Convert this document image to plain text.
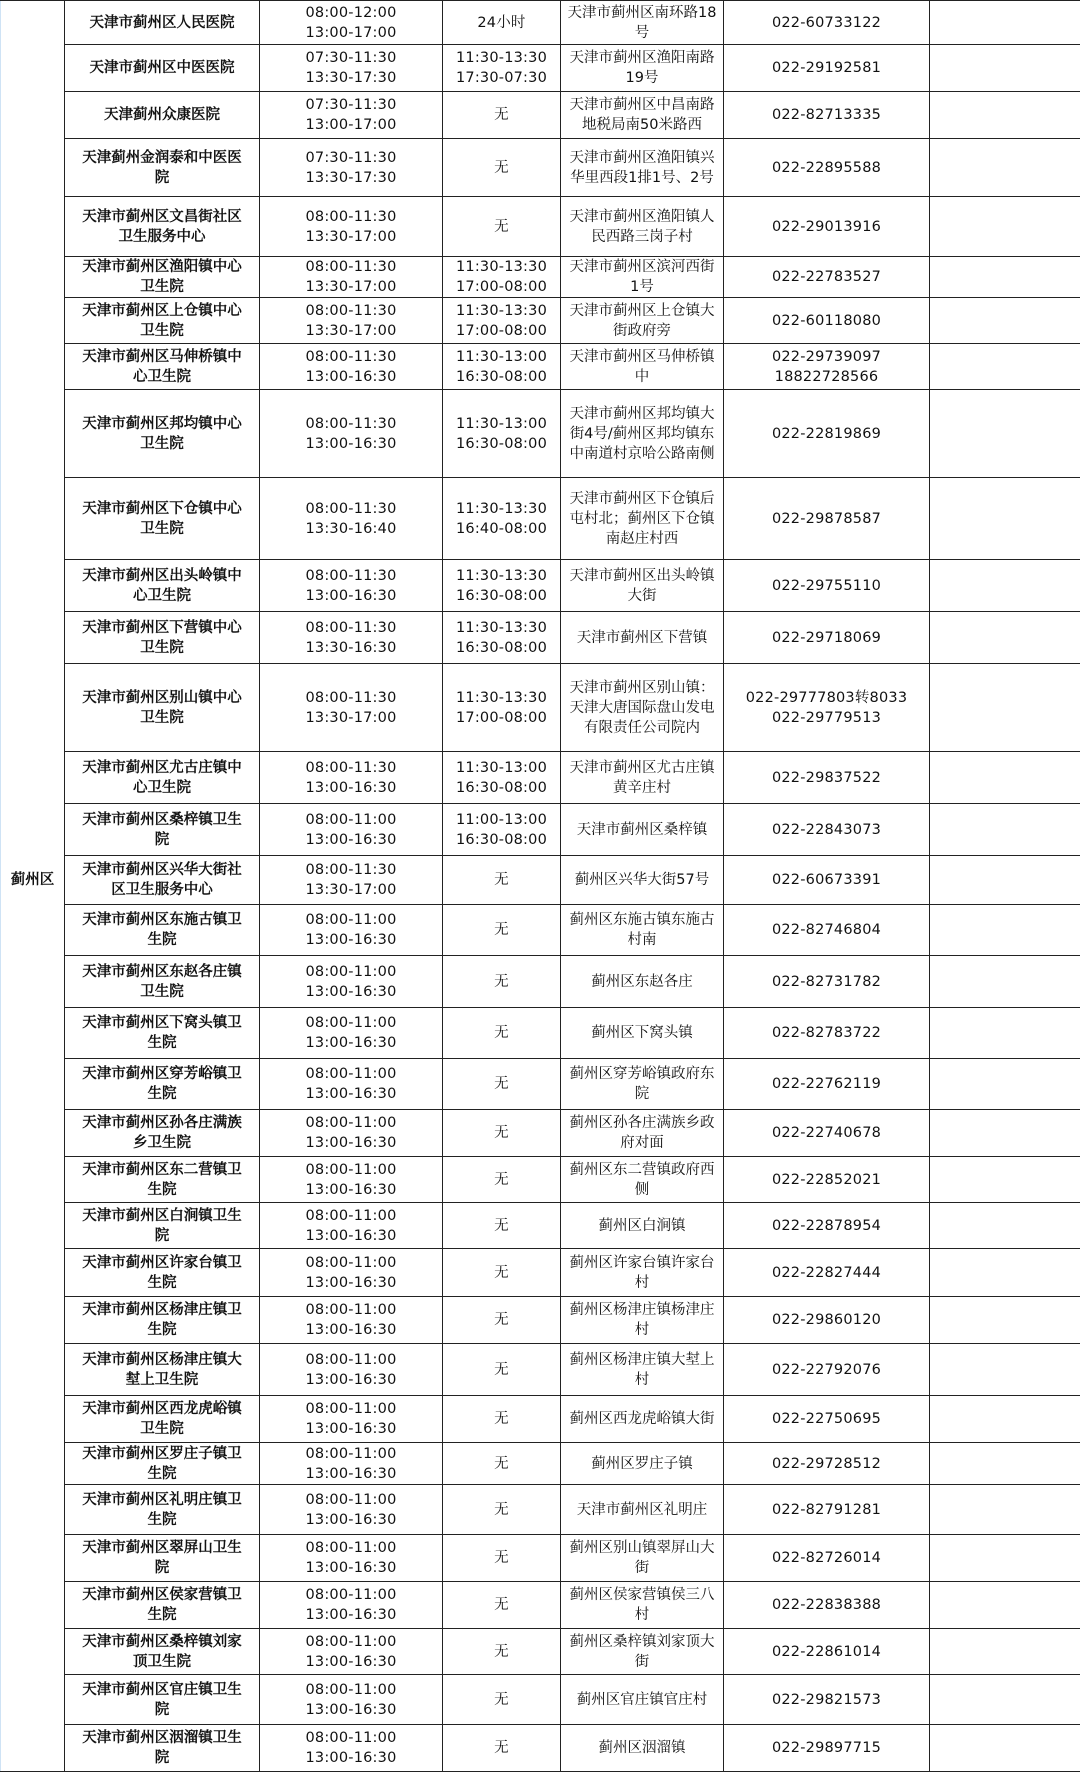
蓟州区	天津市蓟州区人民医院	08:00-12:00
13:00-17:00	24小时	天津市蓟州区南环路18
号	022-60733122	

	天津市蓟州区中医医院	07:30-11:30
13:30-17:30	11:30-13:30
17:30-07:30	天津市蓟州区渔阳南路
19号	022-29192581	

	天津蓟州众康医院	07:30-11:30
13:00-17:00	无	天津市蓟州区中昌南路
地税局南50米路西	022-82713335	

	天津蓟州金润泰和中医医
院	07:30-11:30
13:30-17:30	无	天津市蓟州区渔阳镇兴
华里西段1排1号、2号	022-22895588	

	天津市蓟州区文昌街社区
卫生服务中心	08:00-11:30
13:30-17:00	无	天津市蓟州区渔阳镇人
民西路三岗子村	022-29013916	

	天津市蓟州区渔阳镇中心
卫生院	08:00-11:30
13:30-17:00	11:30-13:30
17:00-08:00	天津市蓟州区滨河西街
1号	022-22783527	

	天津市蓟州区上仓镇中心
卫生院	08:00-11:30
13:30-17:00	11:30-13:30
17:00-08:00	天津市蓟州区上仓镇大
街政府旁	022-60118080	

	天津市蓟州区马伸桥镇中
心卫生院	08:00-11:30
13:00-16:30	11:30-13:00
16:30-08:00	天津市蓟州区马伸桥镇
中	022-29739097
18822728566	

	天津市蓟州区邦均镇中心
卫生院	08:00-11:30
13:00-16:30	11:30-13:00
16:30-08:00	天津市蓟州区邦均镇大
街4号/蓟州区邦均镇东
中南道村京哈公路南侧	022-22819869	

	天津市蓟州区下仓镇中心
卫生院	08:00-11:30
13:30-16:40	11:30-13:30
16:40-08:00	天津市蓟州区下仓镇后
屯村北；蓟州区下仓镇
南赵庄村西	022-29878587	

	天津市蓟州区出头岭镇中
心卫生院	08:00-11:30
13:00-16:30	11:30-13:30
16:30-08:00	天津市蓟州区出头岭镇
大街	022-29755110	

	天津市蓟州区下营镇中心
卫生院	08:00-11:30
13:30-16:30	11:30-13:30
16:30-08:00	天津市蓟州区下营镇	022-29718069	

	天津市蓟州区别山镇中心
卫生院	08:00-11:30
13:30-17:00	11:30-13:30
17:00-08:00	天津市蓟州区别山镇：
天津大唐国际盘山发电
有限责任公司院内	022-29777803转8033
022-29779513	

	天津市蓟州区尤古庄镇中
心卫生院	08:00-11:30
13:00-16:30	11:30-13:00
16:30-08:00	天津市蓟州区尤古庄镇
黄辛庄村	022-29837522	

	天津市蓟州区桑梓镇卫生
院	08:00-11:00
13:00-16:30	11:00-13:00
16:30-08:00	天津市蓟州区桑梓镇	022-22843073	

	天津市蓟州区兴华大街社
区卫生服务中心	08:00-11:30
13:30-17:00	无	蓟州区兴华大街57号	022-60673391	

	天津市蓟州区东施古镇卫
生院	08:00-11:00
13:00-16:30	无	蓟州区东施古镇东施古
村南	022-82746804	

	天津市蓟州区东赵各庄镇
卫生院	08:00-11:00
13:00-16:30	无	蓟州区东赵各庄	022-82731782	

	天津市蓟州区下窝头镇卫
生院	08:00-11:00
13:00-16:30	无	蓟州区下窝头镇	022-82783722	

	天津市蓟州区穿芳峪镇卫
生院	08:00-11:00
13:00-16:30	无	蓟州区穿芳峪镇政府东
院	022-22762119	

	天津市蓟州区孙各庄满族
乡卫生院	08:00-11:00
13:00-16:30	无	蓟州区孙各庄满族乡政
府对面	022-22740678	

	天津市蓟州区东二营镇卫
生院	08:00-11:00
13:00-16:30	无	蓟州区东二营镇政府西
侧	022-22852021	

	天津市蓟州区白涧镇卫生
院	08:00-11:00
13:00-16:30	无	蓟州区白涧镇	022-22878954	

	天津市蓟州区许家台镇卫
生院	08:00-11:00
13:00-16:30	无	蓟州区许家台镇许家台
村	022-22827444	

	天津市蓟州区杨津庄镇卫
生院	08:00-11:00
13:00-16:30	无	蓟州区杨津庄镇杨津庄
村	022-29860120	

	天津市蓟州区杨津庄镇大
堼上卫生院	08:00-11:00
13:00-16:30	无	蓟州区杨津庄镇大堼上
村	022-22792076	

	天津市蓟州区西龙虎峪镇
卫生院	08:00-11:00
13:00-16:30	无	蓟州区西龙虎峪镇大街	022-22750695	

	天津市蓟州区罗庄子镇卫
生院	08:00-11:00
13:00-16:30	无	蓟州区罗庄子镇	022-29728512	

	天津市蓟州区礼明庄镇卫
生院	08:00-11:00
13:00-16:30	无	天津市蓟州区礼明庄	022-82791281	

	天津市蓟州区翠屏山卫生
院	08:00-11:00
13:00-16:30	无	蓟州区别山镇翠屏山大
街	022-82726014	

	天津市蓟州区侯家营镇卫
生院	08:00-11:00
13:00-16:30	无	蓟州区侯家营镇侯三八
村	022-22838388	

	天津市蓟州区桑梓镇刘家
顶卫生院	08:00-11:00
13:00-16:30	无	蓟州区桑梓镇刘家顶大
街	022-22861014	

	天津市蓟州区官庄镇卫生
院	08:00-11:00
13:00-16:30	无	蓟州区官庄镇官庄村	022-29821573	

	天津市蓟州区洇溜镇卫生
院	08:00-11:00
13:00-16:30	无	蓟州区洇溜镇	022-29897715	
